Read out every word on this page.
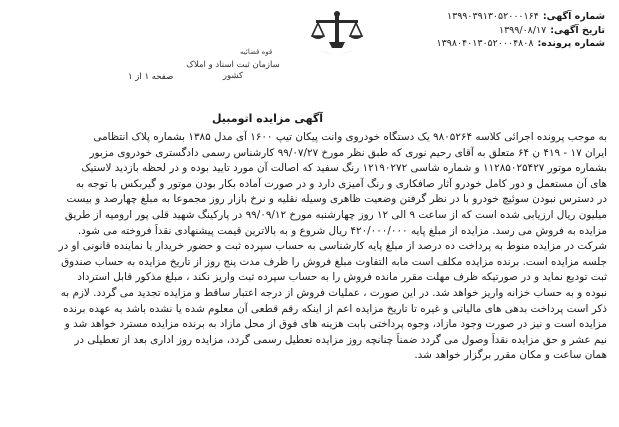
شماره آگهی:
۱۳۹۹۰۳۹۱۳۰۵۲۰۰۰۱۶۴
تاریخ آگهی:
۱۳۹۹/۰۸/۱۷
شماره پرونده:
۱۳۹۸۰۴۰۱۳۰۵۲۰۰۰۴۸۰۸
قوه قضائیه
سازمان ثبت اسناد و املاک کشور
صفحه ۱ از ۱
آگهی مزایده اتومبیل
به موجب پرونده اجرائی کلاسه ۹۸۰۵۲۶۴ یک دستگاه خودروی وانت پیکان تیپ ۱۶۰۰ آی مدل ۱۳۸۵ بشماره پلاک انتظامی
ایران ۱۷ - ۴۱۹ ن ۶۴ متعلق به آقای رحیم نوری که طبق نظر مورخ ۹۹/۰۷/۲۷ کارشناس رسمی دادگستری خودروی مزبور
بشماره موتور ۱۱۲۸۵۰۲۵۴۲۷ و شماره شاسی ۱۲۱۹۰۲۷۲ رنگ سفید که اصالت آن مورد تایید بوده و در لحظه بازدید لاستیک
های آن مستعمل و دور کامل خودرو آثار صافکاری و رنگ آمیزی دارد و در صورت آماده بکار بودن موتور و گیربکس با توجه به
در دسترس نبودن سوئیچ خودرو با در نظر گرفتن وضعیت ظاهری وسیله نقلیه و نرخ بازار روز مجموعا به مبلغ چهارصد و بیست
میلیون ریال ارزیابی شده است که از ساعت ۹ الی ۱۲ روز چهارشنبه مورخ ۹۹/۰۹/۱۲ در پارکینگ شهید قلی پور ارومیه از طریق
مزایده به فروش می رسد. مزایده از مبلغ پایه ۴۲۰/۰۰۰/۰۰۰ ریال شروع و به بالاترین قیمت پیشنهادی نقداً فروخته می شود.
شرکت در مزایده منوط به پرداخت ده درصد از مبلغ پایه کارشناسی به حساب سپرده ثبت و حضور خریدار یا نماینده قانونی او در
جلسه مزایده است. برنده مزایده مکلف است مابه التفاوت مبلغ فروش را ظرف مدت پنج روز از تاریخ مزایده به حساب صندوق
ثبت تودیع نماید و در صورتیکه ظرف مهلت مقرر مانده فروش را به حساب سپرده ثبت واریز نکند ، مبلغ مذکور قابل استرداد
نبوده و به حساب خزانه واریز خواهد شد. در این صورت ، عملیات فروش از درجه اعتبار ساقط و مزایده تجدید می گردد. لازم به
ذکر است پرداخت بدهی های مالیاتی و غیره تا تاریخ مزایده اعم از اینکه رقم قطعی آن معلوم شده یا نشده باشد به عهده برنده
مزایده است و نیز در صورت وجود مازاد، وجوه پرداختی بابت هزینه های فوق از محل مازاد به برنده مزایده مسترد خواهد شد و
نیم عشر و حق مزایده نقداً وصول می گردد ضمناً چنانچه روز مزایده تعطیل رسمی گردد، مزایده روز اداری بعد از تعطیلی در
همان ساعت و مکان مقرر برگزار خواهد شد.
